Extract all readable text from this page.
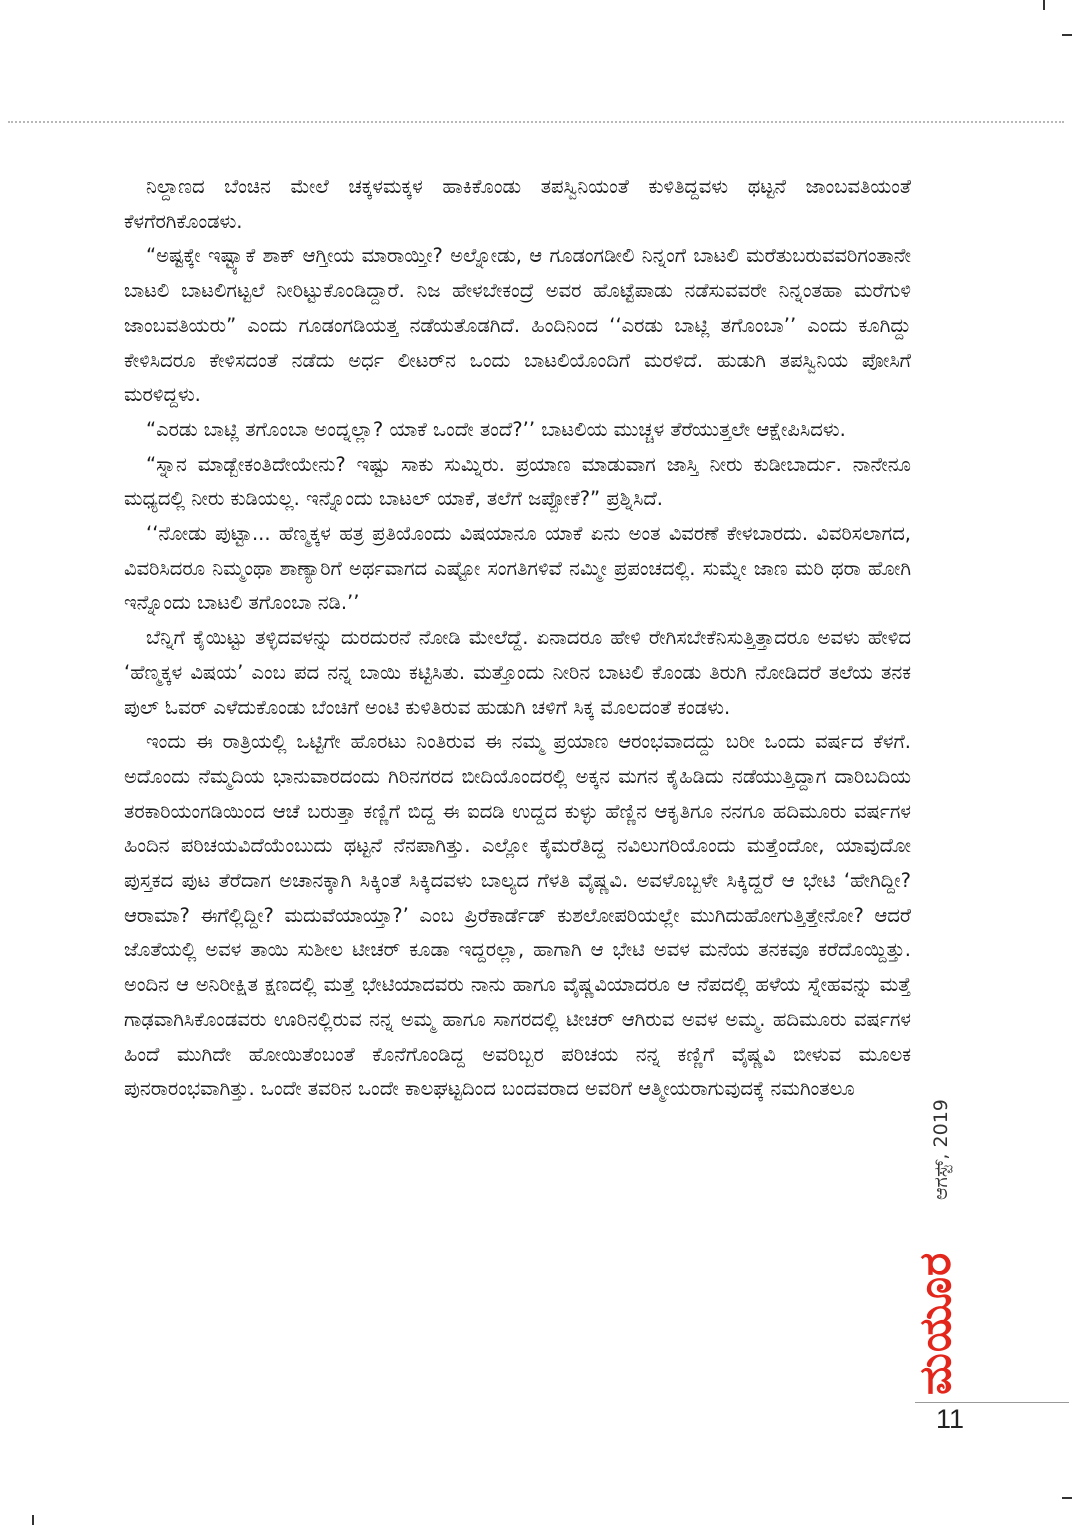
ನಿಲ್ದಾಣದ ಬೆಂಚಿನ ಮೇಲೆ ಚಕ್ಕಳಮಕ್ಕಳ ಹಾಕಿಕೊಂಡು ತಪಸ್ವಿನಿಯಂತೆ ಕುಳಿತಿದ್ದವಳು ಥಟ್ಟನೆ ಜಾಂಬವತಿಯಂತೆ ಕೆಳಗೆರಗಿಕೊಂಡಳು.

“ಅಷ್ಟಕ್ಕೇ ಇಷ್ಟ್ಯಾಕೆ ಶಾಕ್ ಆಗ್ತೀಯ ಮಾರಾಯ್ತೀ? ಅಲ್ನೋಡು, ಆ ಗೂಡಂಗಡೀಲಿ ನಿನ್ನಂಗೆ ಬಾಟಲಿ ಮರೆತುಬರುವವರಿಗಂತಾನೇ ಬಾಟಲಿ ಬಾಟಲಿಗಟ್ಟಲೆ ನೀರಿಟ್ಟುಕೊಂಡಿದ್ದಾರೆ. ನಿಜ ಹೇಳಬೇಕಂದ್ರೆ ಅವರ ಹೊಟ್ಟೆಪಾಡು ನಡೆಸುವವರೇ ನಿನ್ನಂತಹಾ ಮರೆಗುಳಿ ಜಾಂಬವತಿಯರು” ಎಂದು ಗೂಡಂಗಡಿಯತ್ತ ನಡೆಯತೊಡಗಿದೆ. ಹಿಂದಿನಿಂದ ‘‘ಎರಡು ಬಾಟ್ಲಿ ತಗೊಂಬಾ’’ ಎಂದು ಕೂಗಿದ್ದು ಕೇಳಿಸಿದರೂ ಕೇಳಿಸದಂತೆ ನಡೆದು ಅರ್ಧ ಲೀಟರ್‌ನ ಒಂದು ಬಾಟಲಿಯೊಂದಿಗೆ ಮರಳಿದೆ. ಹುಡುಗಿ ತಪಸ್ವಿನಿಯ ಪೋಸಿಗೆ ಮರಳಿದ್ದಳು.

“ಎರಡು ಬಾಟ್ಲಿ ತಗೊಂಬಾ ಅಂದ್ನಲ್ಲಾ? ಯಾಕೆ ಒಂದೇ ತಂದೆ?’’ ಬಾಟಲಿಯ ಮುಚ್ಚಳ ತೆರೆಯುತ್ತಲೇ ಆಕ್ಷೇಪಿಸಿದಳು.

“ಸ್ನಾನ ಮಾಡ್ಬೇಕಂತಿದೇಯೇನು? ಇಷ್ಟು ಸಾಕು ಸುಮ್ನಿರು. ಪ್ರಯಾಣ ಮಾಡುವಾಗ ಜಾಸ್ತಿ ನೀರು ಕುಡೀಬಾರ್ದು. ನಾನೇನೂ ಮಧ್ಯದಲ್ಲಿ ನೀರು ಕುಡಿಯಲ್ಲ. ಇನ್ನೊಂದು ಬಾಟಲ್ ಯಾಕೆ, ತಲೆಗೆ ಜಪ್ಪೋಕೆ?” ಪ್ರಶ್ನಿಸಿದೆ.

‘‘ನೋಡು ಪುಟ್ಟಾ... ಹೆಣ್ಮಕ್ಕಳ ಹತ್ರ ಪ್ರತಿಯೊಂದು ವಿಷಯಾನೂ ಯಾಕೆ ಏನು ಅಂತ ವಿವರಣೆ ಕೇಳಬಾರದು. ವಿವರಿಸಲಾಗದ, ವಿವರಿಸಿದರೂ ನಿಮ್ಮಂಥಾ ಶಾಣ್ಯಾರಿಗೆ ಅರ್ಥವಾಗದ ಎಷ್ಟೋ ಸಂಗತಿಗಳಿವೆ ನಮ್ಮೀ ಪ್ರಪಂಚದಲ್ಲಿ. ಸುಮ್ನೇ ಜಾಣ ಮರಿ ಥರಾ ಹೋಗಿ ಇನ್ನೊಂದು ಬಾಟಲಿ ತಗೊಂಬಾ ನಡಿ.’’

ಬೆನ್ನಿಗೆ ಕೈಯಿಟ್ಟು ತಳ್ಳಿದವಳನ್ನು ದುರದುರನೆ ನೋಡಿ ಮೇಲೆದ್ದೆ. ಏನಾದರೂ ಹೇಳಿ ರೇಗಿಸಬೇಕೆನಿಸುತ್ತಿತ್ತಾದರೂ ಅವಳು ಹೇಳಿದ ‘ಹೆಣ್ಮಕ್ಕಳ ವಿಷಯ’ ಎಂಬ ಪದ ನನ್ನ ಬಾಯಿ ಕಟ್ಟಿಸಿತು. ಮತ್ತೊಂದು ನೀರಿನ ಬಾಟಲಿ ಕೊಂಡು ತಿರುಗಿ ನೋಡಿದರೆ ತಲೆಯ ತನಕ ಪುಲ್ ಓವರ್ ಎಳೆದುಕೊಂಡು ಬೆಂಚಿಗೆ ಅಂಟಿ ಕುಳಿತಿರುವ ಹುಡುಗಿ ಚಳಿಗೆ ಸಿಕ್ಕ ಮೊಲದಂತೆ ಕಂಡಳು.

ಇಂದು ಈ ರಾತ್ರಿಯಲ್ಲಿ ಒಟ್ಟಿಗೇ ಹೊರಟು ನಿಂತಿರುವ ಈ ನಮ್ಮ ಪ್ರಯಾಣ ಆರಂಭವಾದದ್ದು ಬರೀ ಒಂದು ವರ್ಷದ ಕೆಳಗೆ. ಅದೊಂದು ನೆಮ್ಮದಿಯ ಭಾನುವಾರದಂದು ಗಿರಿನಗರದ ಬೀದಿಯೊಂದರಲ್ಲಿ ಅಕ್ಕನ ಮಗನ ಕೈಹಿಡಿದು ನಡೆಯುತ್ತಿದ್ದಾಗ ದಾರಿಬದಿಯ ತರಕಾರಿಯಂಗಡಿಯಿಂದ ಆಚೆ ಬರುತ್ತಾ ಕಣ್ಣಿಗೆ ಬಿದ್ದ ಈ ಐದಡಿ ಉದ್ದದ ಕುಳ್ಳು ಹೆಣ್ಣಿನ ಆಕೃತಿಗೂ ನನಗೂ ಹದಿಮೂರು ವರ್ಷಗಳ ಹಿಂದಿನ ಪರಿಚಯವಿದೆಯೆಂಬುದು ಥಟ್ಟನೆ ನೆನಪಾಗಿತ್ತು. ಎಲ್ಲೋ ಕೈಮರೆತಿದ್ದ ನವಿಲುಗರಿಯೊಂದು ಮತ್ತೆಂದೋ, ಯಾವುದೋ ಪುಸ್ತಕದ ಪುಟ ತೆರೆದಾಗ ಅಚಾನಕ್ಕಾಗಿ ಸಿಕ್ಕಿಂತೆ ಸಿಕ್ಕಿದವಳು ಬಾಲ್ಯದ ಗೆಳತಿ ವೈಷ್ಣವಿ. ಅವಳೊಬ್ಬಳೇ ಸಿಕ್ಕಿದ್ದರೆ ಆ ಭೇಟಿ ‘ಹೇಗಿದ್ದೀ? ಆರಾಮಾ? ಈಗೆಲ್ಲಿದ್ದೀ? ಮದುವೆಯಾಯ್ತಾ?’ ಎಂಬ ಪ್ರಿರೆಕಾರ್ಡೆಡ್ ಕುಶಲೋಪರಿಯಲ್ಲೇ ಮುಗಿದುಹೋಗುತ್ತಿತ್ತೇನೋ? ಆದರೆ ಜೊತೆಯಲ್ಲಿ ಅವಳ ತಾಯಿ ಸುಶೀಲ ಟೀಚರ್ ಕೂಡಾ ಇದ್ದರಲ್ಲಾ, ಹಾಗಾಗಿ ಆ ಭೇಟಿ ಅವಳ ಮನೆಯ ತನಕವೂ ಕರೆದೊಯ್ದಿತ್ತು. ಅಂದಿನ ಆ ಅನಿರೀಕ್ಷಿತ ಕ್ಷಣದಲ್ಲಿ ಮತ್ತೆ ಭೇಟಿಯಾದವರು ನಾನು ಹಾಗೂ ವೈಷ್ಣವಿಯಾದರೂ ಆ ನೆಪದಲ್ಲಿ ಹಳೆಯ ಸ್ನೇಹವನ್ನು ಮತ್ತೆ ಗಾಢವಾಗಿಸಿಕೊಂಡವರು ಊರಿನಲ್ಲಿರುವ ನನ್ನ ಅಮ್ಮ ಹಾಗೂ ಸಾಗರದಲ್ಲಿ ಟೀಚರ್ ಆಗಿರುವ ಅವಳ ಅಮ್ಮ. ಹದಿಮೂರು ವರ್ಷಗಳ ಹಿಂದೆ ಮುಗಿದೇ ಹೋಯಿತೆಂಬಂತೆ ಕೊನೆಗೊಂಡಿದ್ದ ಅವರಿಬ್ಬರ ಪರಿಚಯ ನನ್ನ ಕಣ್ಣಿಗೆ ವೈಷ್ಣವಿ ಬೀಳುವ ಮೂಲಕ ಪುನರಾರಂಭವಾಗಿತ್ತು. ಒಂದೇ ತವರಿನ ಒಂದೇ ಕಾಲಘಟ್ಟದಿಂದ ಬಂದವರಾದ ಅವರಿಗೆ ಆತ್ಮೀಯರಾಗುವುದಕ್ಕೆ ನಮಗಿಂತಲೂ

ಆಗಸ್ಟ್, 2019
ಮಯೂರ
11
